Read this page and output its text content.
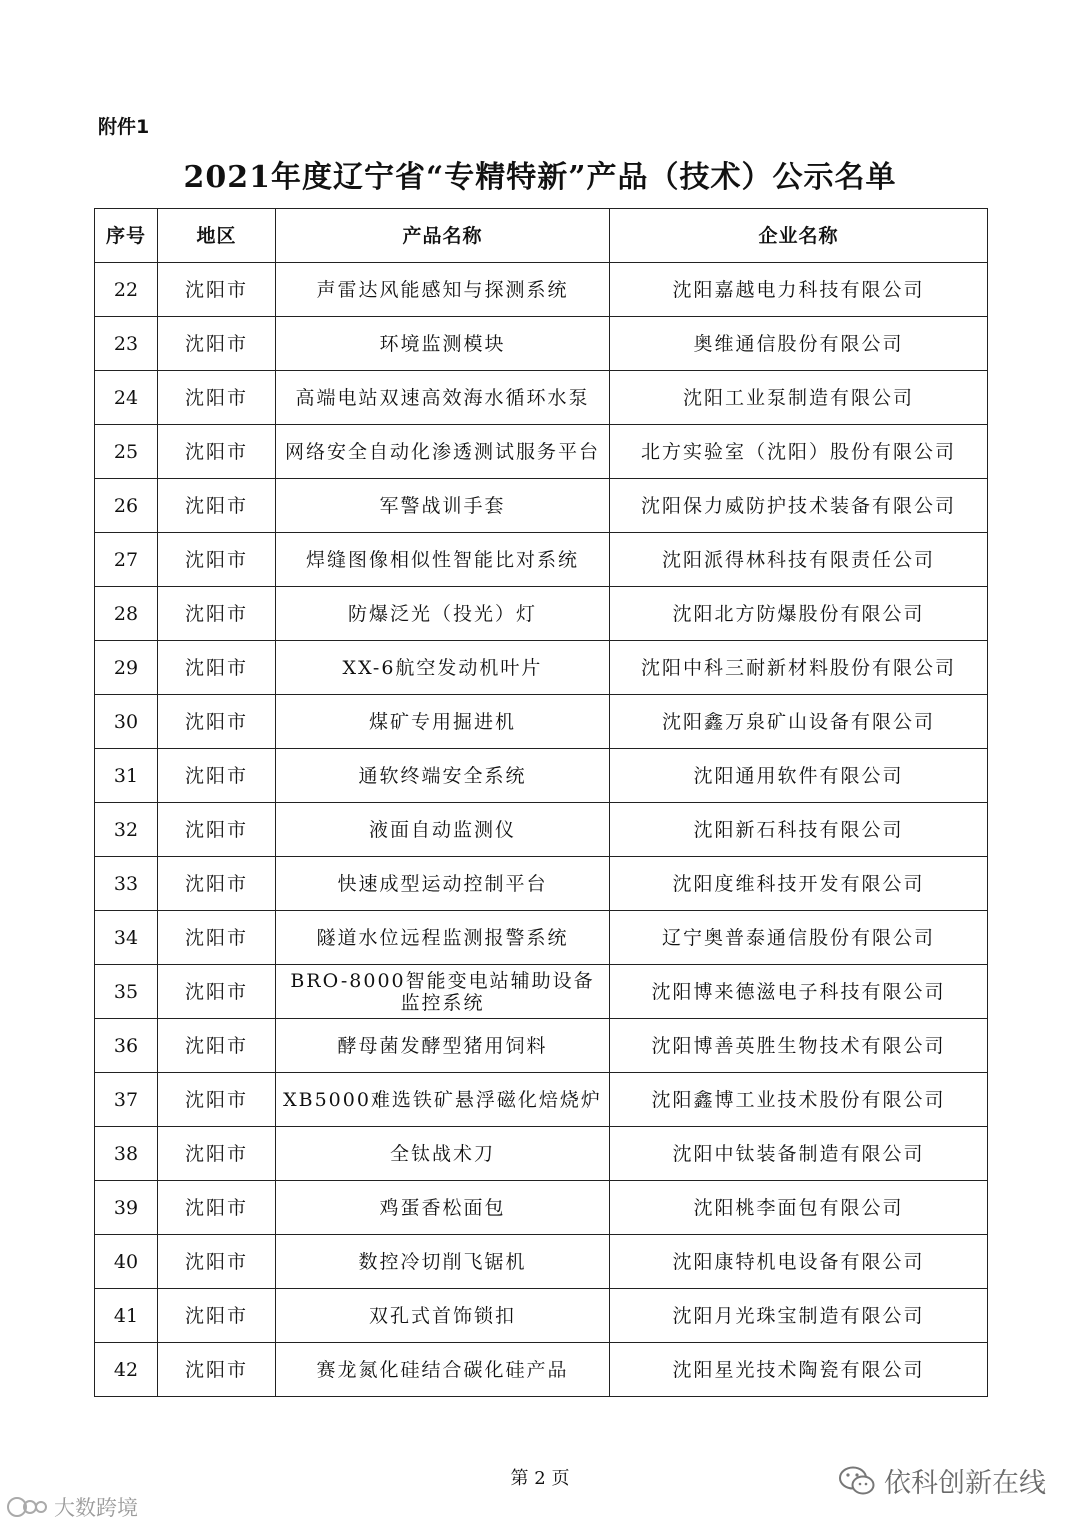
附件1
2021年度辽宁省“专精特新”产品（技术）公示名单
序号	地区	产品名称	企业名称
22	沈阳市	声雷达风能感知与探测系统	沈阳嘉越电力科技有限公司
23	沈阳市	环境监测模块	奥维通信股份有限公司
24	沈阳市	高端电站双速高效海水循环水泵	沈阳工业泵制造有限公司
25	沈阳市	网络安全自动化渗透测试服务平台	北方实验室（沈阳）股份有限公司
26	沈阳市	军警战训手套	沈阳保力威防护技术装备有限公司
27	沈阳市	焊缝图像相似性智能比对系统	沈阳派得林科技有限责任公司
28	沈阳市	防爆泛光（投光）灯	沈阳北方防爆股份有限公司
29	沈阳市	XX-6航空发动机叶片	沈阳中科三耐新材料股份有限公司
30	沈阳市	煤矿专用掘进机	沈阳鑫万泉矿山设备有限公司
31	沈阳市	通软终端安全系统	沈阳通用软件有限公司
32	沈阳市	液面自动监测仪	沈阳新石科技有限公司
33	沈阳市	快速成型运动控制平台	沈阳度维科技开发有限公司
34	沈阳市	隧道水位远程监测报警系统	辽宁奥普泰通信股份有限公司
35	沈阳市	BRO-8000智能变电站辅助设备监控系统	沈阳博来德滋电子科技有限公司
36	沈阳市	酵母菌发酵型猪用饲料	沈阳博善英胜生物技术有限公司
37	沈阳市	XB5000难选铁矿悬浮磁化焙烧炉	沈阳鑫博工业技术股份有限公司
38	沈阳市	全钛战术刀	沈阳中钛装备制造有限公司
39	沈阳市	鸡蛋香松面包	沈阳桃李面包有限公司
40	沈阳市	数控冷切削飞锯机	沈阳康特机电设备有限公司
41	沈阳市	双孔式首饰锁扣	沈阳月光珠宝制造有限公司
42	沈阳市	赛龙氮化硅结合碳化硅产品	沈阳星光技术陶瓷有限公司
第 2 页	依科创新在线
大数跨境
